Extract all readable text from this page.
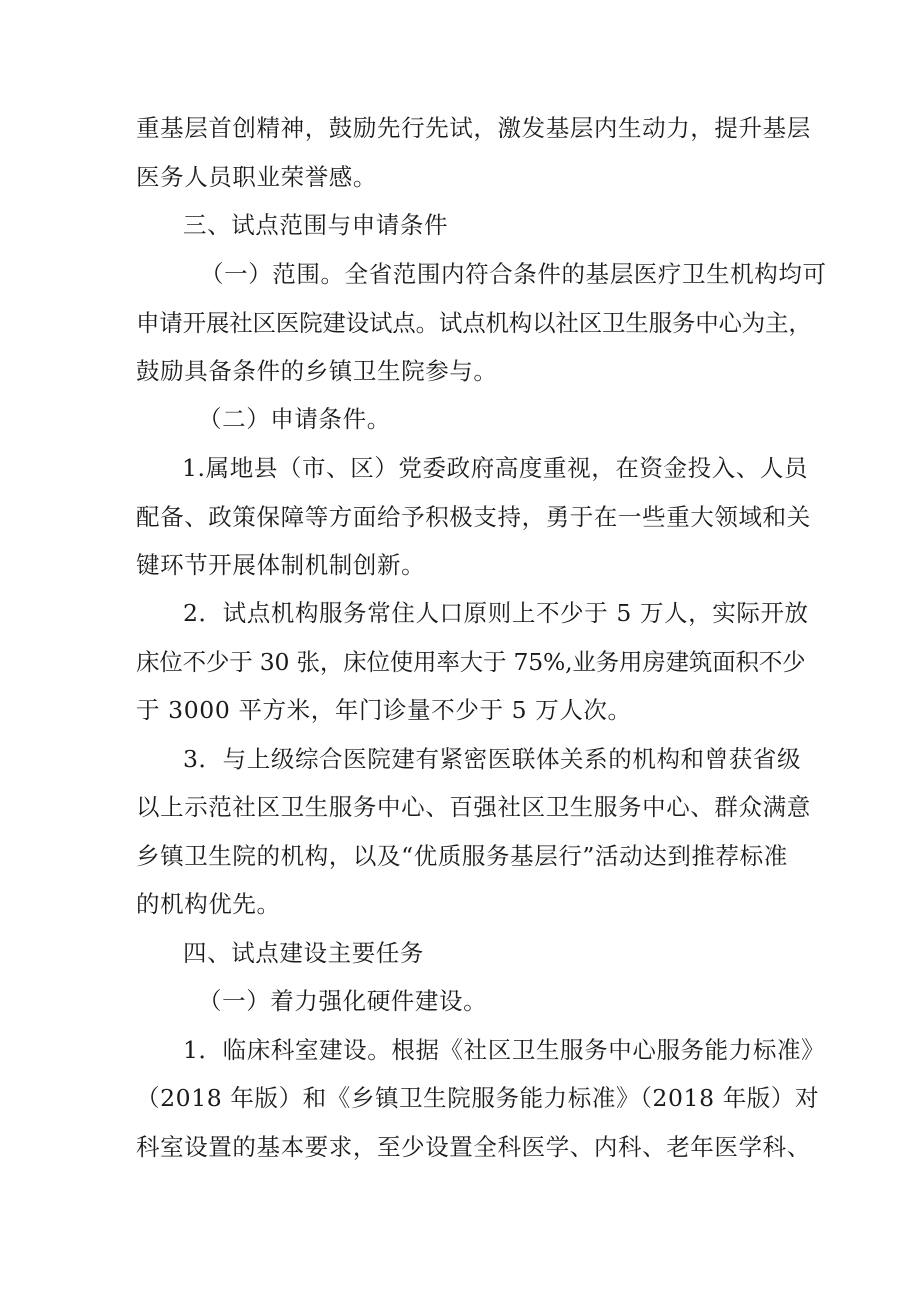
重基层首创精神，鼓励先行先试，激发基层内生动力，提升基层
医务人员职业荣誉感。
三、试点范围与申请条件
（一）范围。全省范围内符合条件的基层医疗卫生机构均可
申请开展社区医院建设试点。试点机构以社区卫生服务中心为主，
鼓励具备条件的乡镇卫生院参与。
（二）申请条件。
1.属地县（市、区）党委政府高度重视，在资金投入、人员
配备、政策保障等方面给予积极支持，勇于在一些重大领域和关
键环节开展体制机制创新。
2．试点机构服务常住人口原则上不少于 5 万人，实际开放
床位不少于 30 张，床位使用率大于 75%,业务用房建筑面积不少
于 3000 平方米，年门诊量不少于 5 万人次。
3．与上级综合医院建有紧密医联体关系的机构和曾获省级
以上示范社区卫生服务中心、百强社区卫生服务中心、群众满意
乡镇卫生院的机构，以及“优质服务基层行”活动达到推荐标准
的机构优先。
四、试点建设主要任务
（一）着力强化硬件建设。
1．临床科室建设。根据《社区卫生服务中心服务能力标准》
（2018 年版）和《乡镇卫生院服务能力标准》（2018 年版）对
科室设置的基本要求，至少设置全科医学、内科、老年医学科、
